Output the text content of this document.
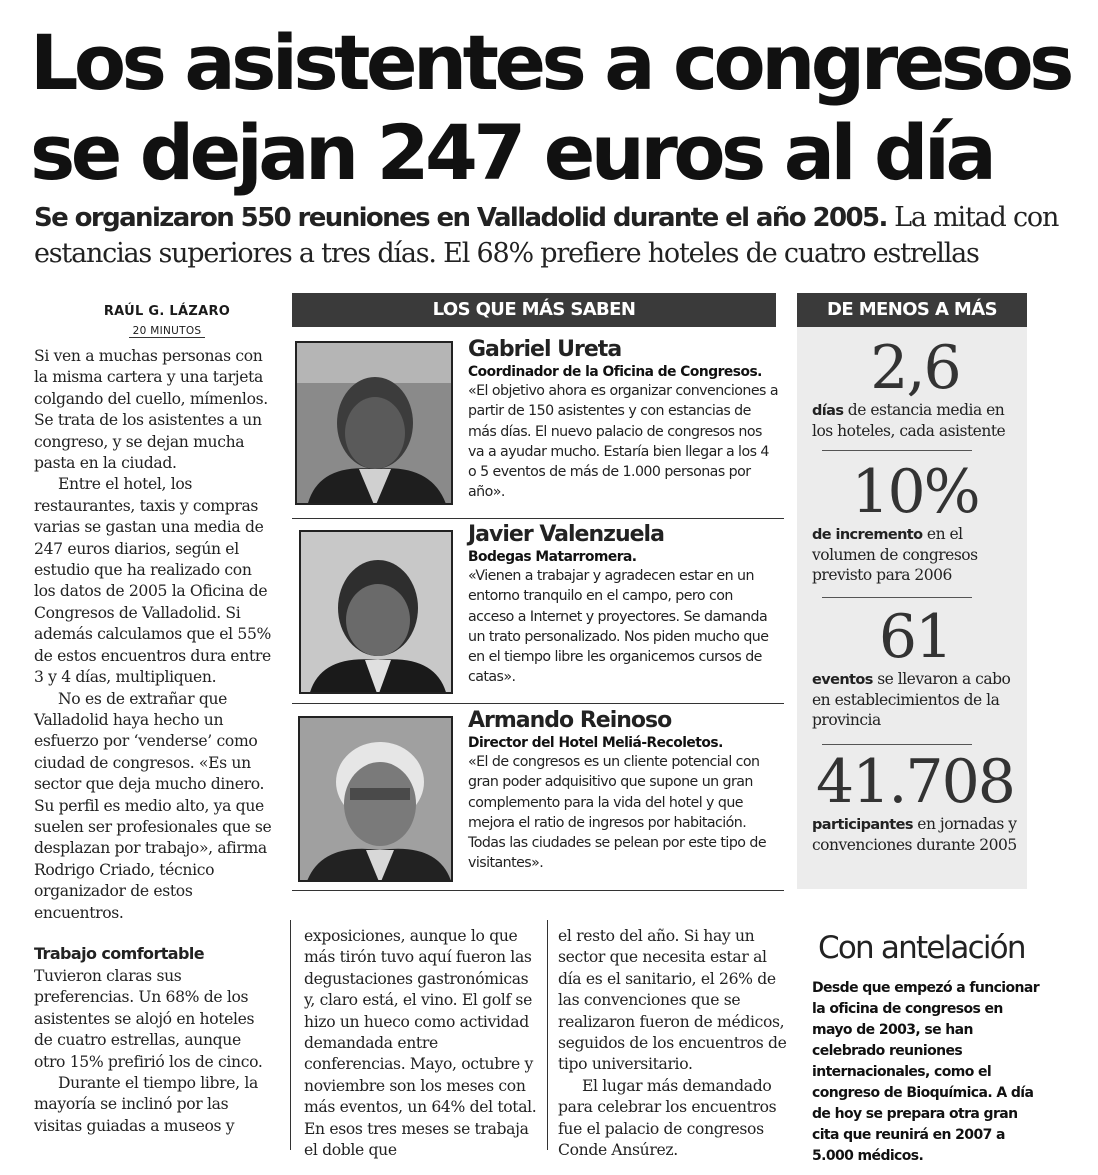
Los asistentes a congresos
se dejan 247 euros al día
Se organizaron 550 reuniones en Valladolid durante el año 2005. La mitad con estancias superiores a tres días. El 68% prefiere hoteles de cuatro estrellas
RAÚL G. LÁZARO
20 MINUTOS

Si ven a muchas personas con la misma cartera y una tarjeta colgando del cuello, mímenlos. Se trata de los asistentes a un congreso, y se dejan mucha pasta en la ciudad.

Entre el hotel, los restaurantes, taxis y compras varias se gastan una media de 247 euros diarios, según el estudio que ha realizado con los datos de 2005 la Oficina de Congresos de Valladolid. Si además calculamos que el 55% de estos encuentros dura entre 3 y 4 días, multipliquen.

No es de extrañar que Valladolid haya hecho un esfuerzo por ‘venderse’ como ciudad de congresos. «Es un sector que deja mucho dinero. Su perfil es medio alto, ya que suelen ser profesionales que se desplazan por trabajo», afirma Rodrigo Criado, técnico organizador de estos encuentros.

Trabajo comfortable

Tuvieron claras sus preferencias. Un 68% de los asistentes se alojó en hoteles de cuatro estrellas, aunque otro 15% prefirió los de cinco.

Durante el tiempo libre, la mayoría se inclinó por las visitas guiadas a museos y

exposiciones, aunque lo que más tirón tuvo aquí fueron las degustaciones gastronómicas y, claro está, el vino. El golf se hizo un hueco como actividad demandada entre conferencias. Mayo, octubre y noviembre son los meses con más eventos, un 64% del total. En esos tres meses se trabaja el doble que

el resto del año. Si hay un sector que necesita estar al día es el sanitario, el 26% de las convenciones que se realizaron fueron de médicos, seguidos de los encuentros de tipo universitario.

El lugar más demandado para celebrar los encuentros fue el palacio de congresos Conde Ansúrez.

LOS QUE MÁS SABEN
Gabriel Ureta
Coordinador de la Oficina de Congresos.
«El objetivo ahora es organizar convenciones a partir de 150 asistentes y con estancias de más días. El nuevo palacio de congresos nos va a ayudar mucho. Estaría bien llegar a los 4 o 5 eventos de más de 1.000 personas por año».
Javier Valenzuela
Bodegas Matarromera.
«Vienen a trabajar y agradecen estar en un entorno tranquilo en el campo, pero con acceso a Internet y proyectores. Se damanda un trato personalizado. Nos piden mucho que en el tiempo libre les organicemos cursos de catas».
Armando Reinoso
Director del Hotel Meliá-Recoletos.
«El de congresos es un cliente potencial con gran poder adquisitivo que supone un gran complemento para la vida del hotel y que mejora el ratio de ingresos por habitación. Todas las ciudades se pelean por este tipo de visitantes».
DE MENOS A MÁS
2,6
días de estancia media en los hoteles, cada asistente
10%
de incremento en el volumen de congresos previsto para 2006
61
eventos se llevaron a cabo en establecimientos de la provincia
41.708
participantes en jornadas y convenciones durante 2005
Con antelación
Desde que empezó a funcionar la oficina de congresos en mayo de 2003, se han celebrado reuniones internacionales, como el congreso de Bioquímica. A día de hoy se prepara otra gran cita que reunirá en 2007 a 5.000 médicos.
